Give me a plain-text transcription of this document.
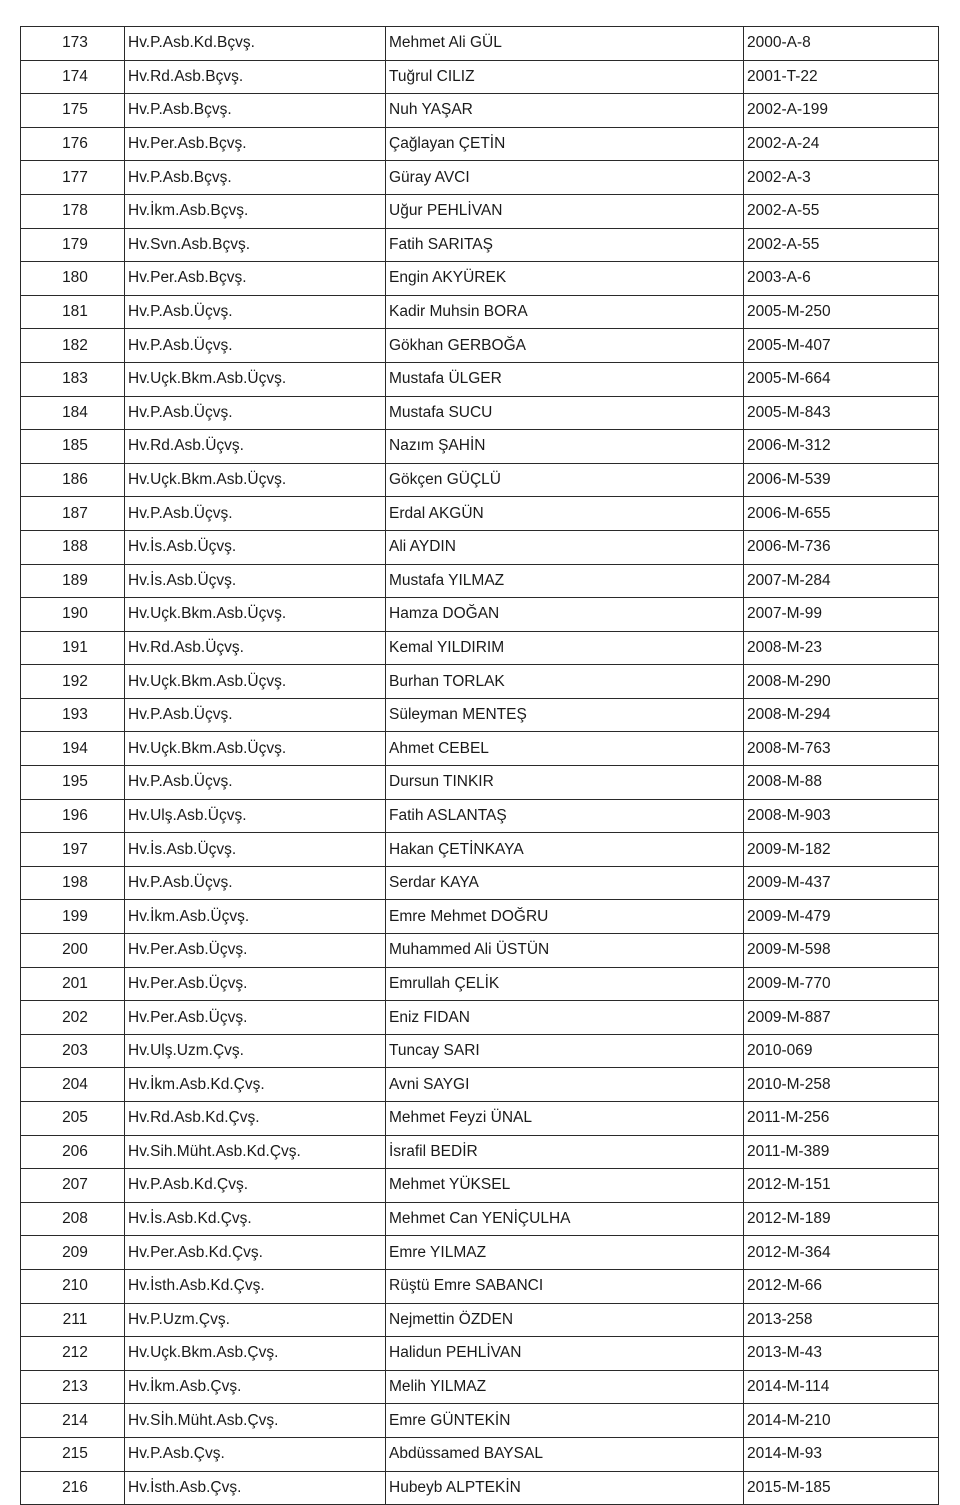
173	Hv.P.Asb.Kd.Bçvş.	Mehmet Ali GÜL	2000-A-8
174	Hv.Rd.Asb.Bçvş.	Tuğrul CILIZ	2001-T-22
175	Hv.P.Asb.Bçvş.	Nuh YAŞAR	2002-A-199
176	Hv.Per.Asb.Bçvş.	Çağlayan ÇETİN	2002-A-24
177	Hv.P.Asb.Bçvş.	Güray AVCI	2002-A-3
178	Hv.İkm.Asb.Bçvş.	Uğur PEHLİVAN	2002-A-55
179	Hv.Svn.Asb.Bçvş.	Fatih SARITAŞ	2002-A-55
180	Hv.Per.Asb.Bçvş.	Engin AKYÜREK	2003-A-6
181	Hv.P.Asb.Üçvş.	Kadir Muhsin BORA	2005-M-250
182	Hv.P.Asb.Üçvş.	Gökhan GERBOĞA	2005-M-407
183	Hv.Uçk.Bkm.Asb.Üçvş.	Mustafa ÜLGER	2005-M-664
184	Hv.P.Asb.Üçvş.	Mustafa SUCU	2005-M-843
185	Hv.Rd.Asb.Üçvş.	Nazım ŞAHİN	2006-M-312
186	Hv.Uçk.Bkm.Asb.Üçvş.	Gökçen GÜÇLÜ	2006-M-539
187	Hv.P.Asb.Üçvş.	Erdal AKGÜN	2006-M-655
188	Hv.İs.Asb.Üçvş.	Ali AYDIN	2006-M-736
189	Hv.İs.Asb.Üçvş.	Mustafa YILMAZ	2007-M-284
190	Hv.Uçk.Bkm.Asb.Üçvş.	Hamza DOĞAN	2007-M-99
191	Hv.Rd.Asb.Üçvş.	Kemal YILDIRIM	2008-M-23
192	Hv.Uçk.Bkm.Asb.Üçvş.	Burhan TORLAK	2008-M-290
193	Hv.P.Asb.Üçvş.	Süleyman MENTEŞ	2008-M-294
194	Hv.Uçk.Bkm.Asb.Üçvş.	Ahmet CEBEL	2008-M-763
195	Hv.P.Asb.Üçvş.	Dursun TINKIR	2008-M-88
196	Hv.Ulş.Asb.Üçvş.	Fatih ASLANTAŞ	2008-M-903
197	Hv.İs.Asb.Üçvş.	Hakan ÇETİNKAYA	2009-M-182
198	Hv.P.Asb.Üçvş.	Serdar KAYA	2009-M-437
199	Hv.İkm.Asb.Üçvş.	Emre Mehmet DOĞRU	2009-M-479
200	Hv.Per.Asb.Üçvş.	Muhammed Ali ÜSTÜN	2009-M-598
201	Hv.Per.Asb.Üçvş.	Emrullah ÇELİK	2009-M-770
202	Hv.Per.Asb.Üçvş.	Eniz FIDAN	2009-M-887
203	Hv.Ulş.Uzm.Çvş.	Tuncay SARI	2010-069
204	Hv.İkm.Asb.Kd.Çvş.	Avni SAYGI	2010-M-258
205	Hv.Rd.Asb.Kd.Çvş.	Mehmet Feyzi ÜNAL	2011-M-256
206	Hv.Sih.Müht.Asb.Kd.Çvş.	İsrafil BEDİR	2011-M-389
207	Hv.P.Asb.Kd.Çvş.	Mehmet YÜKSEL	2012-M-151
208	Hv.İs.Asb.Kd.Çvş.	Mehmet Can YENİÇULHA	2012-M-189
209	Hv.Per.Asb.Kd.Çvş.	Emre YILMAZ	2012-M-364
210	Hv.İsth.Asb.Kd.Çvş.	Rüştü Emre SABANCI	2012-M-66
211	Hv.P.Uzm.Çvş.	Nejmettin ÖZDEN	2013-258
212	Hv.Uçk.Bkm.Asb.Çvş.	Halidun PEHLİVAN	2013-M-43
213	Hv.İkm.Asb.Çvş.	Melih YILMAZ	2014-M-114
214	Hv.Sİh.Müht.Asb.Çvş.	Emre GÜNTEKİN	2014-M-210
215	Hv.P.Asb.Çvş.	Abdüssamed BAYSAL	2014-M-93
216	Hv.İsth.Asb.Çvş.	Hubeyb ALPTEKİN	2015-M-185
